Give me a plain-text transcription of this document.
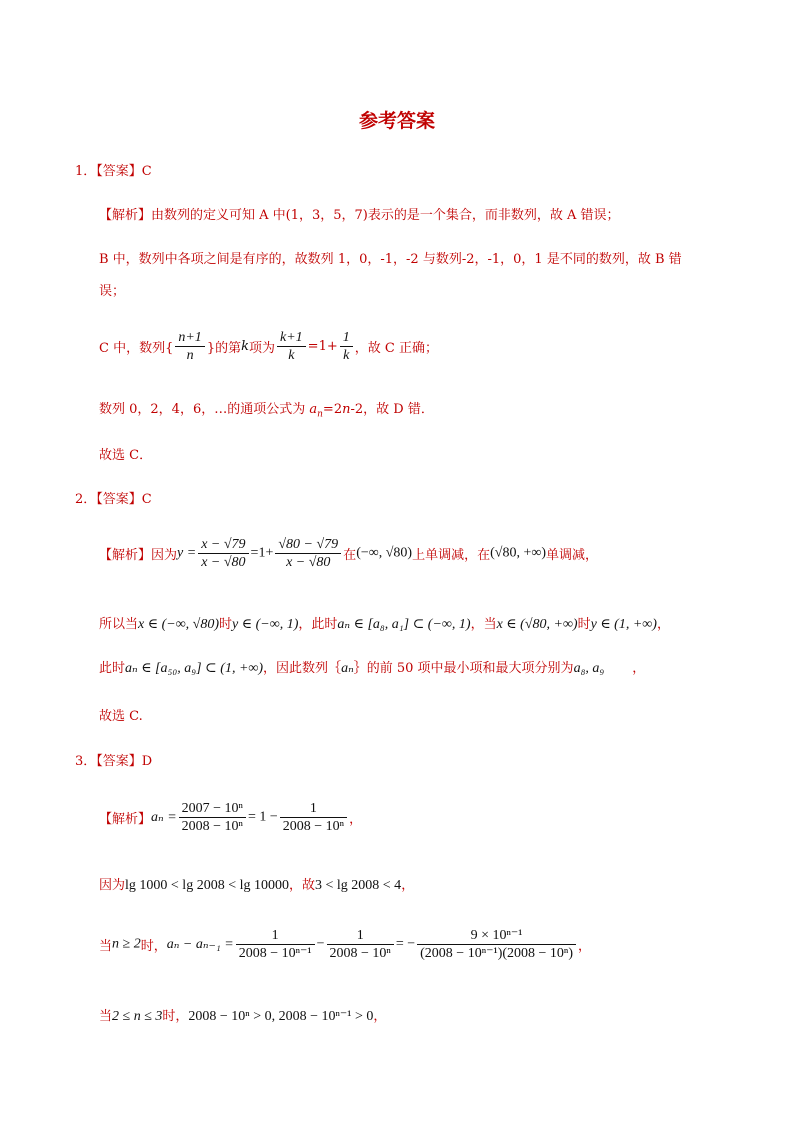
参考答案
1．【答案】C
【解析】由数列的定义可知 A 中(1，3，5，7)表示的是一个集合，而非数列，故 A 错误；
B 中，数列中各项之间是有序的，故数列 1，0，-1，-2 与数列-2，-1，0，1 是不同的数列，故 B 错
误；
C 中，数列{ $\frac{n+1}{n}$ }的第k项为 $\frac{k+1}{k} =1+ \frac{1}{k}$ ，故 C 正确；
数列 0，2，4，6，…的通项公式为 $a_n=2n-2$，故 D 错．
故选 C．
2．【答案】C
【解析】因为$y = \frac{x - √79}{x - √80} =1+ \frac{√80 - √79}{x - √80}$ 在(−∞, √80)上单调减，在(√80, +∞)单调减，
所以当x ∈ (−∞, √80)时y ∈ (−∞, 1)，此时aₙ ∈ [a₈, a₁] ⊂ (−∞, 1)，当x ∈ (√80, +∞)时y ∈ (1, +∞)，
此时aₙ ∈ [a₅₀, a₉] ⊂ (1, +∞)，因此数列｛aₙ｝的前 50 项中最小项和最大项分别为a₈, a₉ ，
故选 C.
3．【答案】D
【解析】$a_n = \frac{\text{2007 − 10ⁿ}}{\text{2008 − 10ⁿ}} = 1 - \frac{1}{\text{2008 − 10ⁿ}}$ ，
因为lg 1000 < lg 2008 < lg 10000，故3 < lg 2008 < 4，
当n ≥ 2时，$a_n - a_{n-1} = \frac{1}{\text{2008 − 10ⁿ⁻¹}} - \frac{1}{\text{2008 − 10ⁿ}}$ = − $\frac{\text{9 × 10ⁿ⁻¹}}{\text{(2008 − 10ⁿ⁻¹)(2008 − 10ⁿ)}}$ ，
当2 ≤ n ≤ 3时，2008 − 10ⁿ > 0, 2008 − 10ⁿ⁻¹ > 0，
